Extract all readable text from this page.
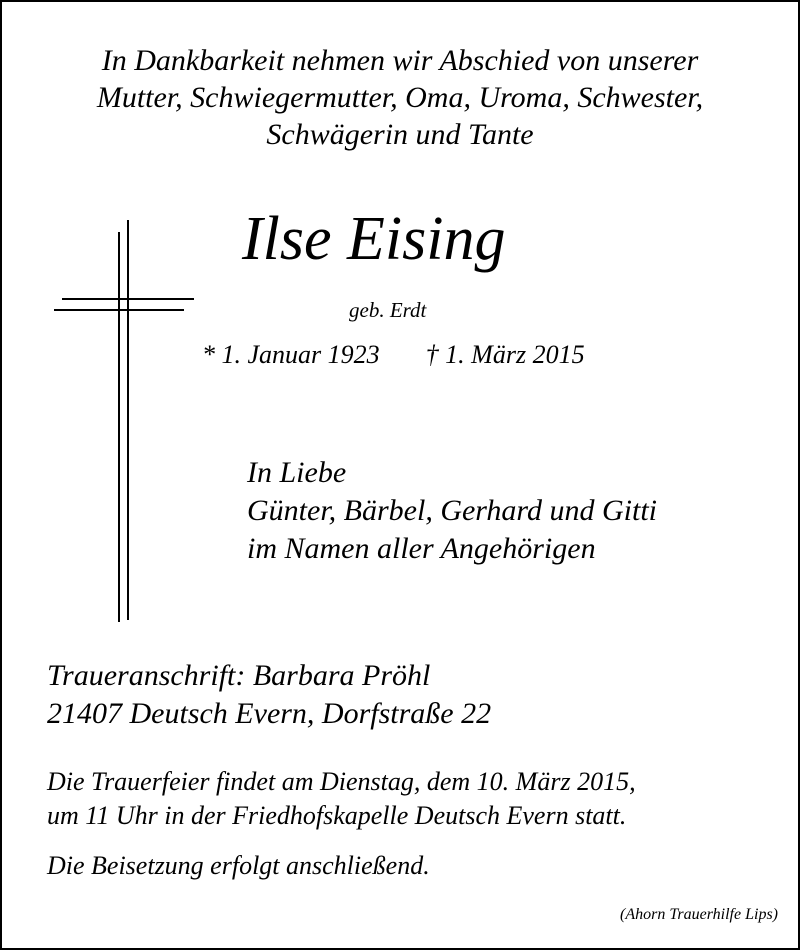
In Dankbarkeit nehmen wir Abschied von unserer
Mutter, Schwiegermutter, Oma, Uroma, Schwester,
Schwägerin und Tante
Ilse Eising
geb. Erdt
* 1. Januar 1923 † 1. März 2015
In Liebe
Günter, Bärbel, Gerhard und Gitti
im Namen aller Angehörigen
Traueranschrift: Barbara Pröhl
21407 Deutsch Evern, Dorfstraße 22
Die Trauerfeier findet am Dienstag, dem 10. März 2015,
um 11 Uhr in der Friedhofskapelle Deutsch Evern statt.
Die Beisetzung erfolgt anschließend.
(Ahorn Trauerhilfe Lips)
